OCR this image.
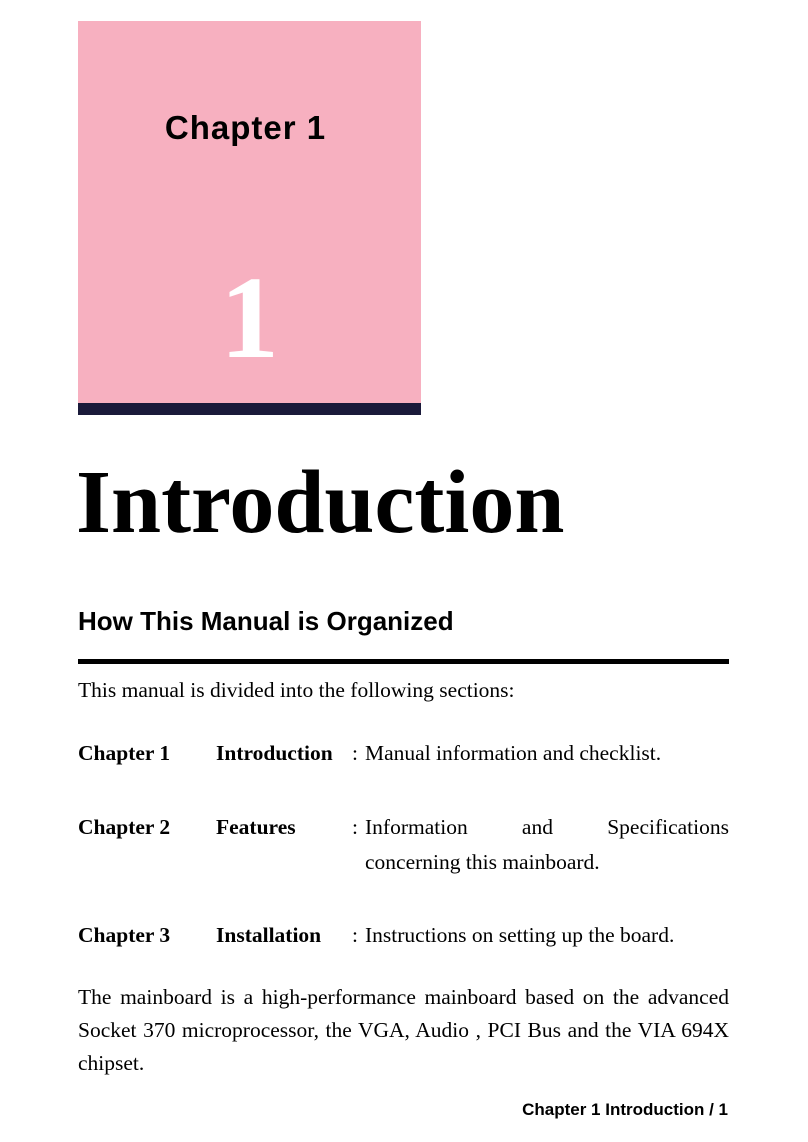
Chapter 1
1
Introduction
How This Manual is Organized

This manual is divided into the following sections:

Chapter 1 Introduction : Manual information and checklist.
Chapter 2 Features	: Information and Specifications concerning this mainboard.
Chapter 3 Installation : Instructions on setting up the board.

The mainboard is a high-performance mainboard based on the advanced Socket 370 microprocessor, the VGA, Audio , PCI Bus and the VIA 694X chipset.

Chapter 1 Introduction / 1
